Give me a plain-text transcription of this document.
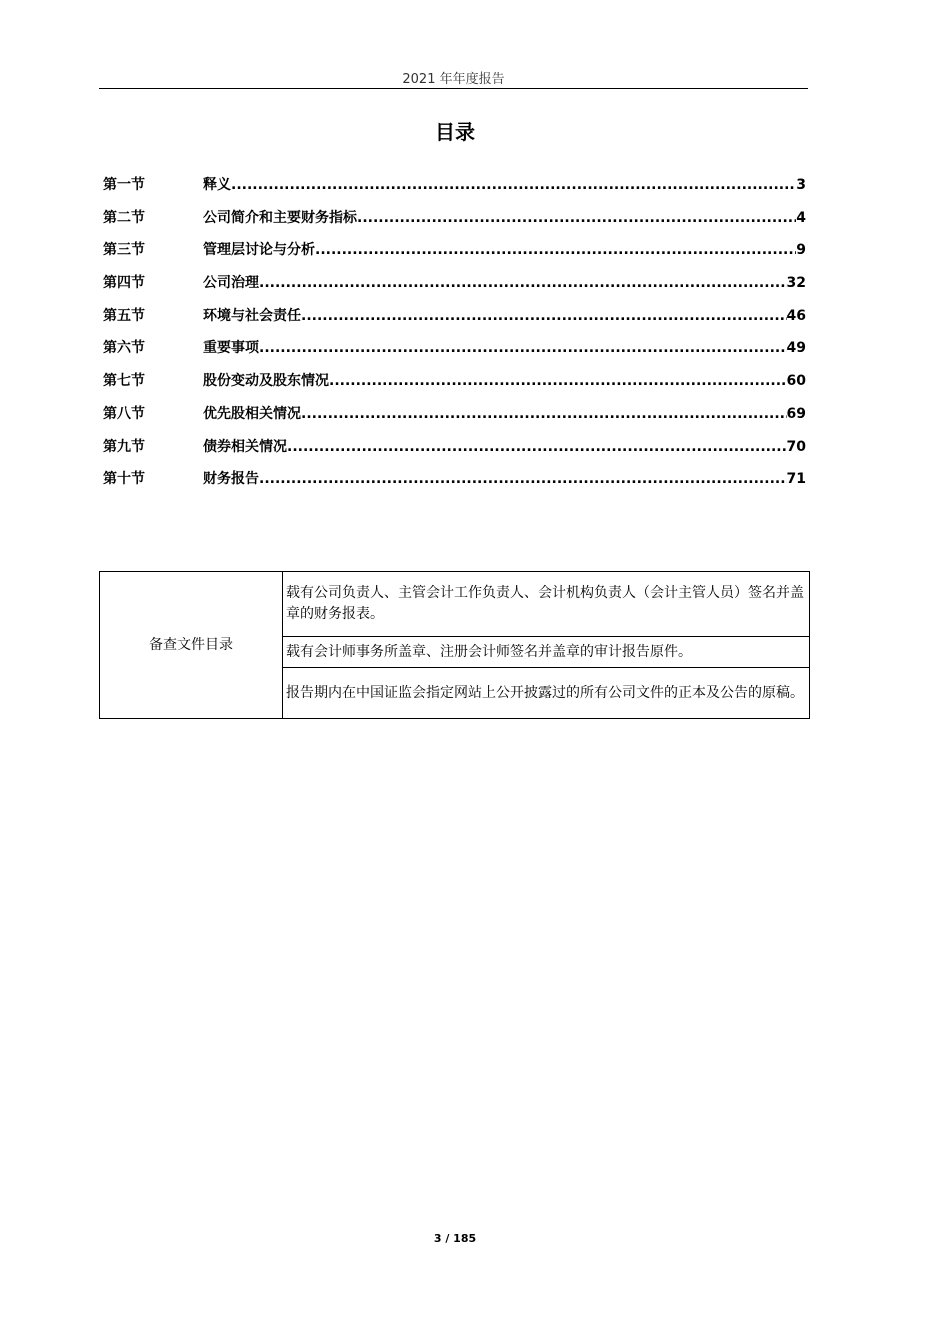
2021 年年度报告
目录
第一节	释义 .....	3
第二节	公司简介和主要财务指标 .....	4
第三节	管理层讨论与分析 .....	9
第四节	公司治理 .....	32
第五节	环境与社会责任 .....	46
第六节	重要事项 .....	49
第七节	股份变动及股东情况 .....	60
第八节	优先股相关情况 .....	69
第九节	债券相关情况 .....	70
第十节	财务报告 .....	71
备查文件目录	载有公司负责人、主管会计工作负责人、会计机构负责人（会计主管人员）签名并盖章的财务报表。
载有会计师事务所盖章、注册会计师签名并盖章的审计报告原件。
报告期内在中国证监会指定网站上公开披露过的所有公司文件的正本及公告的原稿。
3 / 185
